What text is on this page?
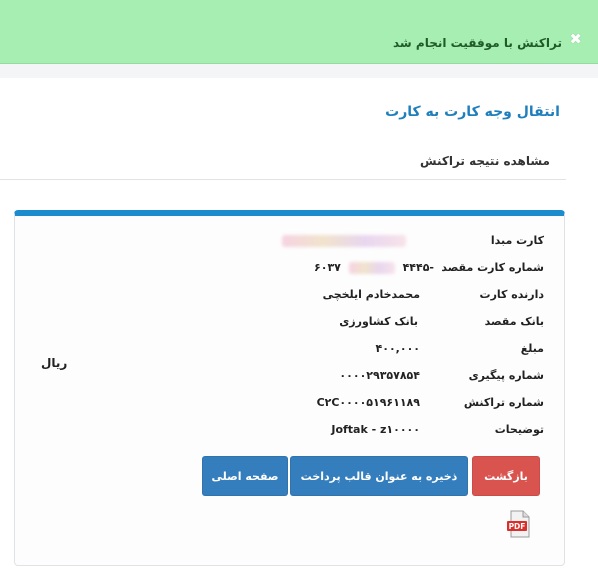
✖
تراکنش با موفقیت انجام شد
انتقال وجه کارت به کارت
مشاهده نتیجه تراکنش
کارت مبدا
شماره کارت مقصد
-۴۴۴۵  ۶۰۳۷
دارنده کارت
محمدخادم ایلخچی
بانک مقصد
بانک کشاورزی
مبلغ
۴۰۰,۰۰۰
شماره پیگیری
۰۰۰۰۲۹۳۵۷۸۵۴
شماره تراکنش
C۲C۰۰۰۰۵۱۹۶۱۱۸۹
توضیحات
Joftak - z۱۰۰۰۰
ریال
بازگشت
ذخیره به عنوان قالب پرداخت
صفحه اصلی
PDF
